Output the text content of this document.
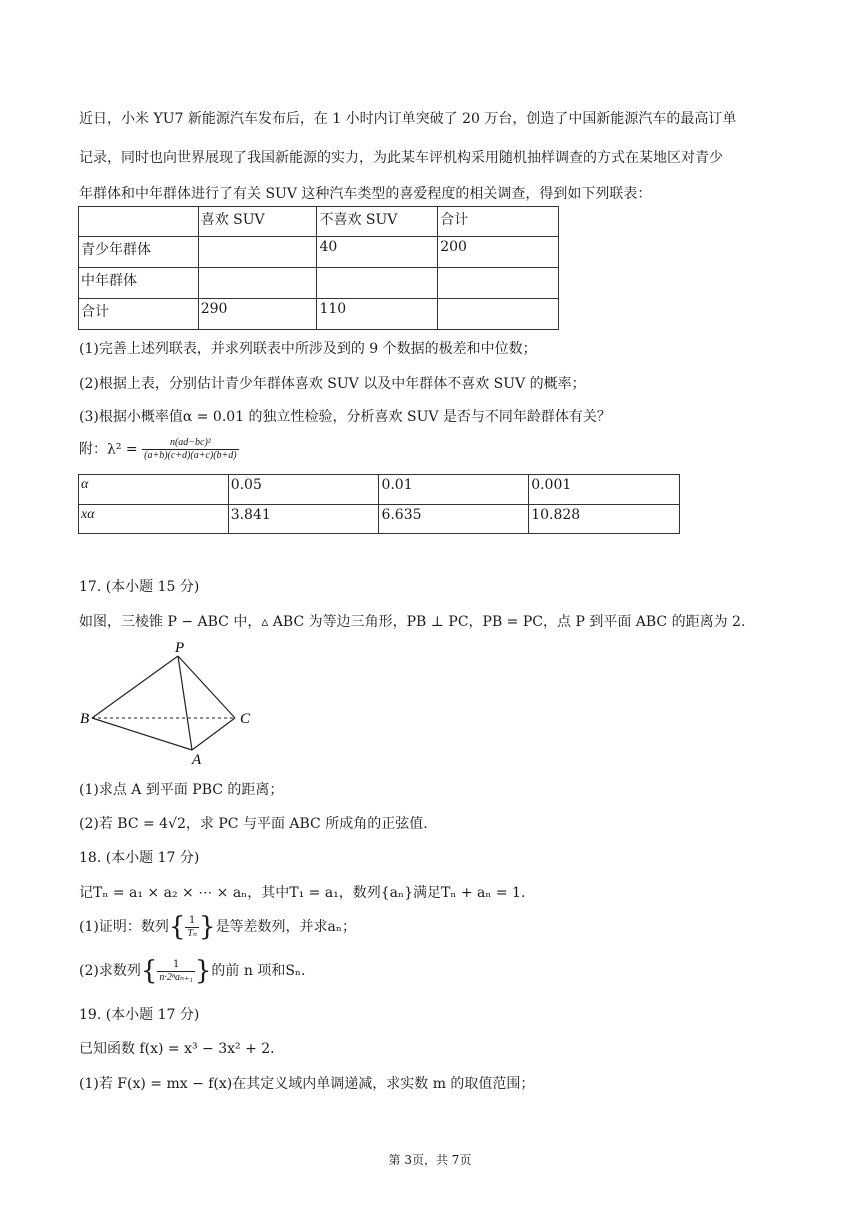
近日，小米 YU7 新能源汽车发布后，在 1 小时内订单突破了 20 万台，创造了中国新能源汽车的最高订单
记录，同时也向世界展现了我国新能源的实力，为此某车评机构采用随机抽样调查的方式在某地区对青少
年群体和中年群体进行了有关 SUV 这种汽车类型的喜爱程度的相关调查，得到如下列联表：
	喜欢 SUV	不喜欢 SUV	合计
青少年群体		40	200
中年群体			
合计	290	110	
(1)完善上述列联表，并求列联表中所涉及到的 9 个数据的极差和中位数；
(2)根据上表，分别估计青少年群体喜欢 SUV 以及中年群体不喜欢 SUV 的概率；
(3)根据小概率值α = 0.01 的独立性检验，分析喜欢 SUV 是否与不同年龄群体有关？
附：$\lambda^2 = \frac{\text{n(ad−bc)²}}{(a+b)(c+d)(a+c)(b+d)}$
α	0.05	0.01	0.001
xα	3.841	6.635	10.828
17. (本小题 15 分)
如图，三棱锥 P − ABC 中，▵ ABC 为等边三角形，PB ⊥ PC，PB = PC，点 P 到平面 ABC 的距离为 2.
P
B	C
A
(1)求点 A 到平面 PBC 的距离；
(2)若 BC = 4√2，求 PC 与平面 ABC 所成角的正弦值.
18. (本小题 17 分)
记Tₙ = a₁ × a₂ × ⋯ × aₙ，其中T₁ = a₁，数列{aₙ}满足Tₙ + aₙ = 1.
(1)证明：数列{ $\frac{1}{\text{Tₙ}}$ }是等差数列，并求aₙ；
(2)求数列{ $\frac{1}{\text{n·2ⁿaₙ₊₁}}$ }的前 n 项和Sₙ.
19. (本小题 17 分)
已知函数 f(x) = x³ − 3x² + 2.
(1)若 F(x) = mx − f(x)在其定义域内单调递减，求实数 m 的取值范围；
第 3页，共 7页
